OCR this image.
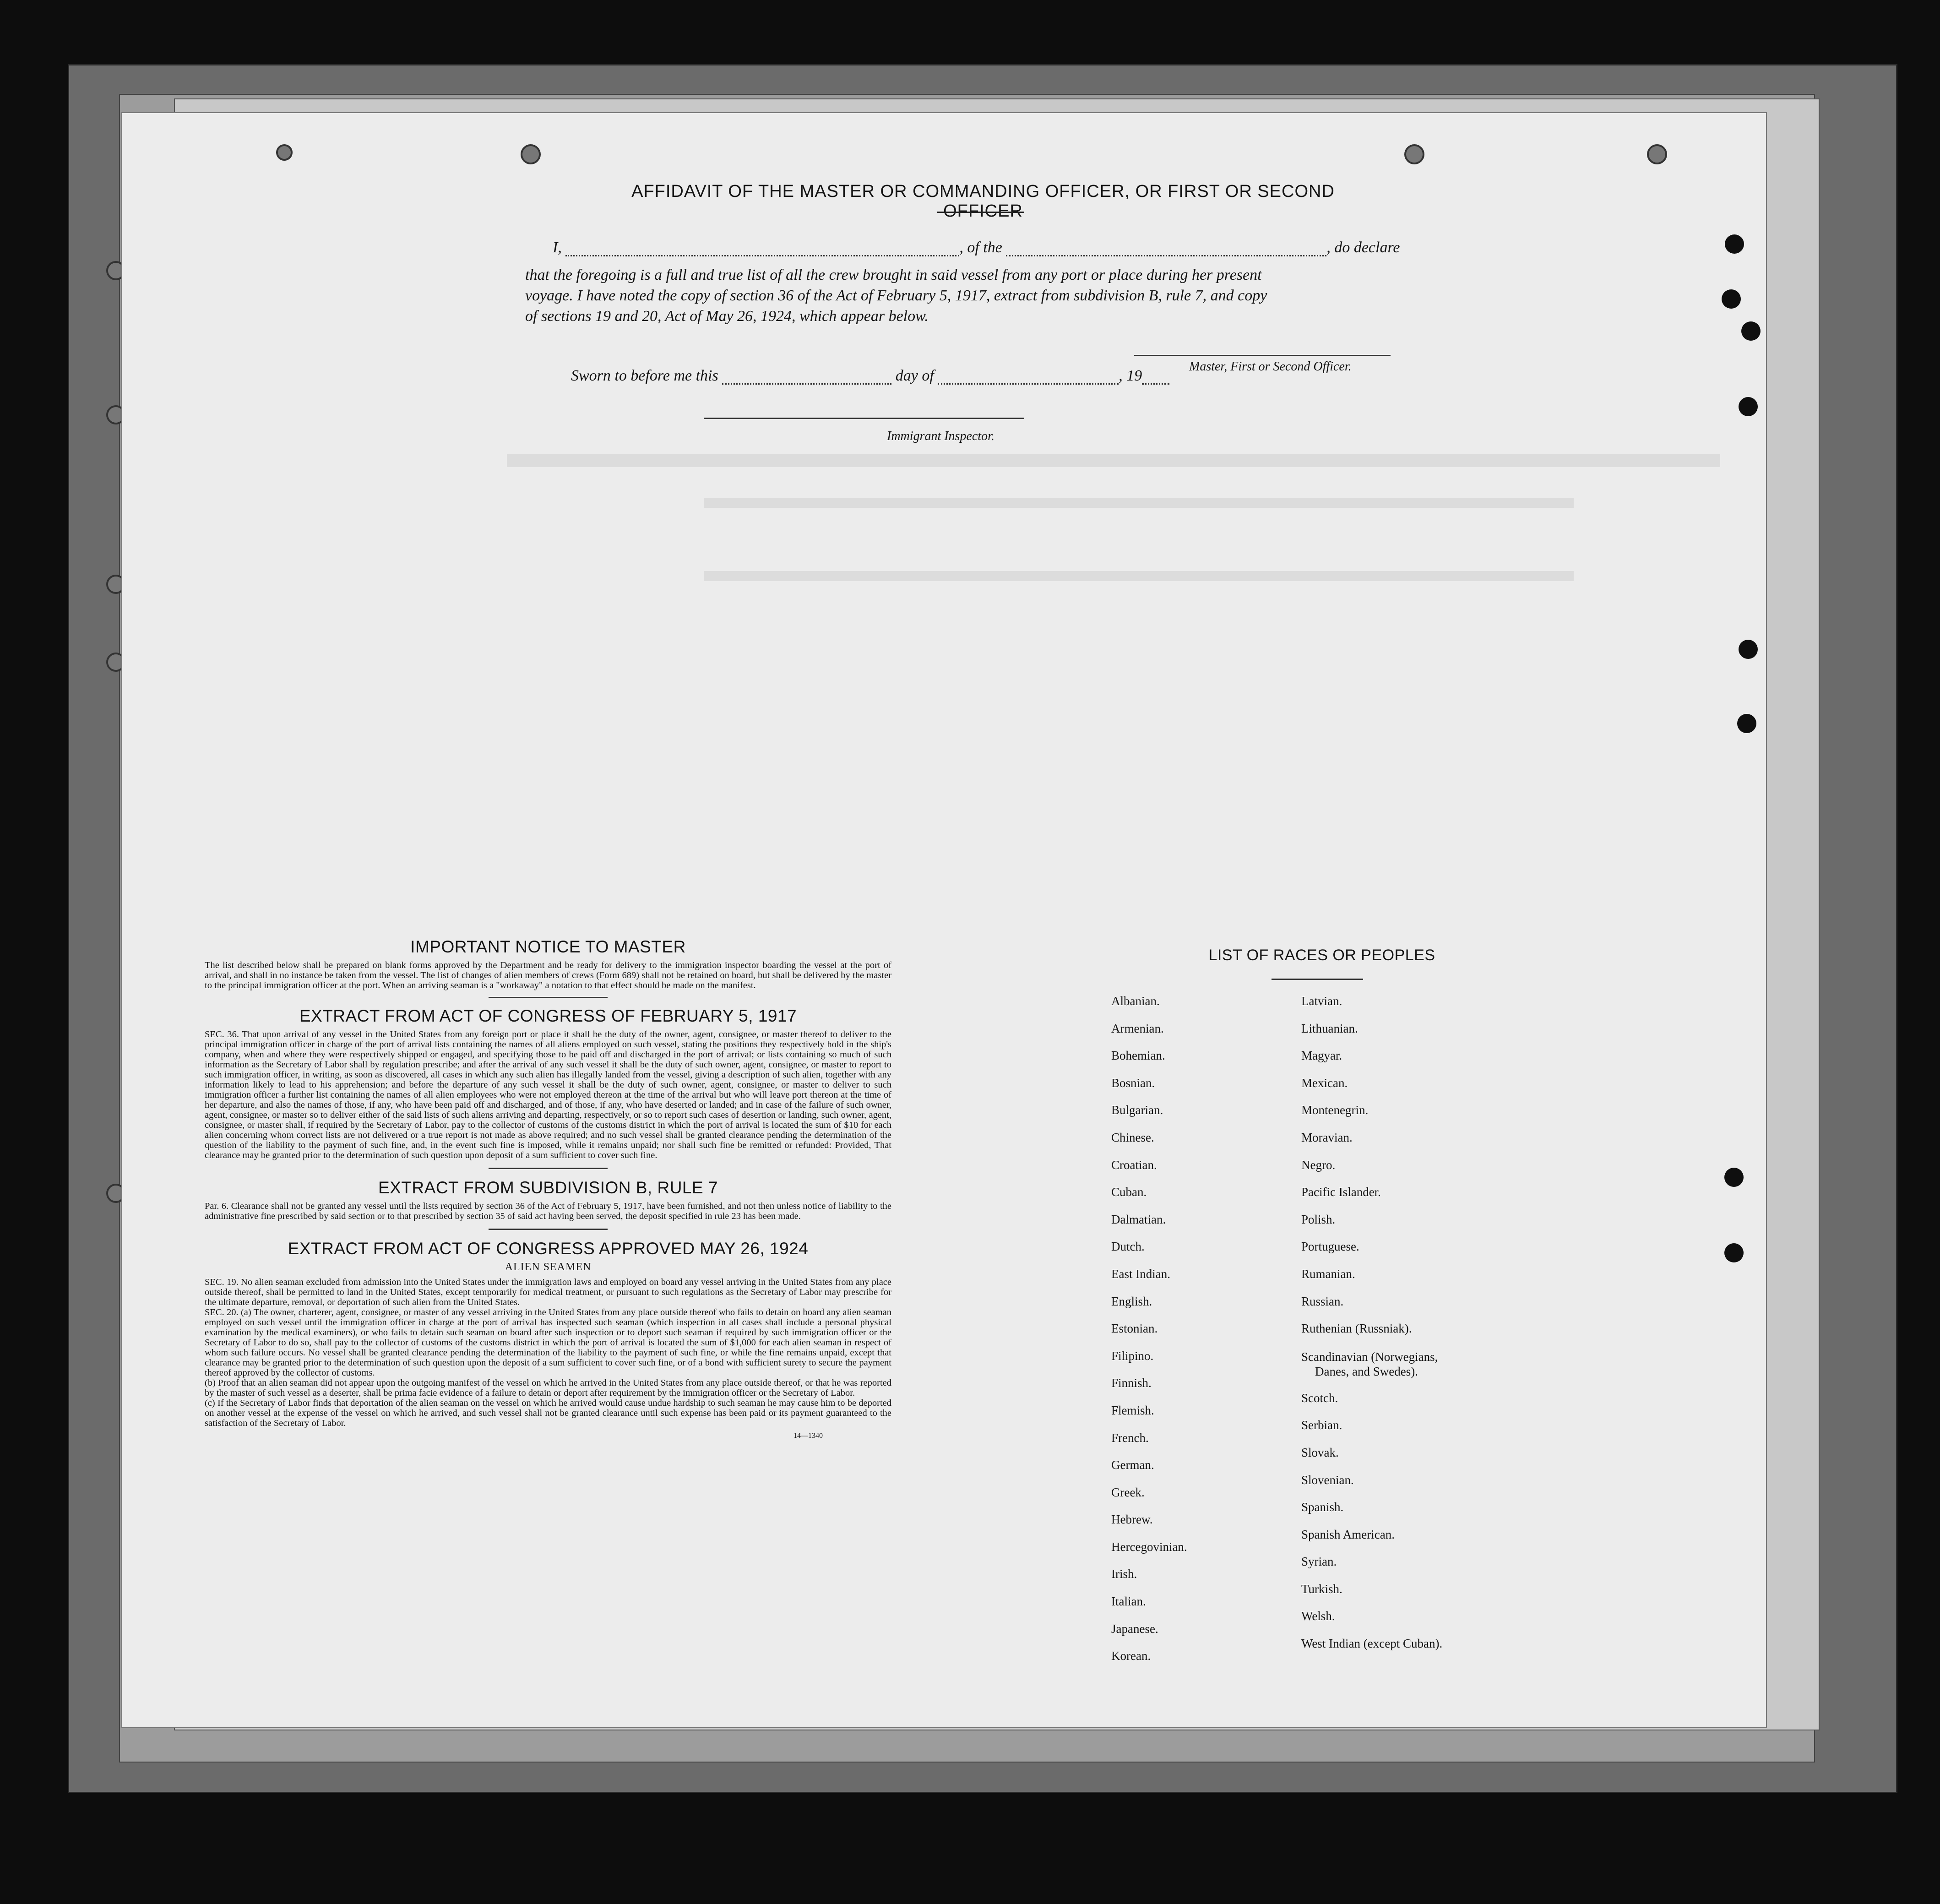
AFFIDAVIT OF THE MASTER OR COMMANDING OFFICER, OR FIRST OR SECOND OFFICER
I,	, of the	, do declare
that the foregoing is a full and true list of all the crew brought in said vessel from any port or place during her present
voyage. I have noted the copy of section 36 of the Act of February 5, 1917, extract from subdivision B, rule 7, and copy
of sections 19 and 20, Act of May 26, 1924, which appear below.
Master, First or Second Officer.
Sworn to before me this	day of	, 19
Immigrant Inspector.

IMPORTANT NOTICE TO MASTER

The list described below shall be prepared on blank forms approved by the Department and be ready for delivery to the immigration inspector boarding the vessel at the port of arrival, and shall in no instance be taken from the vessel. The list of changes of alien members of crews (Form 689) shall not be retained on board, but shall be delivered by the master to the principal immigration officer at the port. When an arriving seaman is a "workaway" a notation to that effect should be made on the manifest.

EXTRACT FROM ACT OF CONGRESS OF FEBRUARY 5, 1917

SEC. 36. That upon arrival of any vessel in the United States from any foreign port or place it shall be the duty of the owner, agent, consignee, or master thereof to deliver to the principal immigration officer in charge of the port of arrival lists containing the names of all aliens employed on such vessel, stating the positions they respectively hold in the ship's company, when and where they were respectively shipped or engaged, and specifying those to be paid off and discharged in the port of arrival; or lists containing so much of such information as the Secretary of Labor shall by regulation prescribe; and after the arrival of any such vessel it shall be the duty of such owner, agent, consignee, or master to report to such immigration officer, in writing, as soon as discovered, all cases in which any such alien has illegally landed from the vessel, giving a description of such alien, together with any information likely to lead to his apprehension; and before the departure of any such vessel it shall be the duty of such owner, agent, consignee, or master to deliver to such immigration officer a further list containing the names of all alien employees who were not employed thereon at the time of the arrival but who will leave port thereon at the time of her departure, and also the names of those, if any, who have been paid off and discharged, and of those, if any, who have deserted or landed; and in case of the failure of such owner, agent, consignee, or master so to deliver either of the said lists of such aliens arriving and departing, respectively, or so to report such cases of desertion or landing, such owner, agent, consignee, or master shall, if required by the Secretary of Labor, pay to the collector of customs of the customs district in which the port of arrival is located the sum of $10 for each alien concerning whom correct lists are not delivered or a true report is not made as above required; and no such vessel shall be granted clearance pending the determination of the question of the liability to the payment of such fine, and, in the event such fine is imposed, while it remains unpaid; nor shall such fine be remitted or refunded: Provided, That clearance may be granted prior to the determination of such question upon deposit of a sum sufficient to cover such fine.

EXTRACT FROM SUBDIVISION B, RULE 7

Par. 6. Clearance shall not be granted any vessel until the lists required by section 36 of the Act of February 5, 1917, have been furnished, and not then unless notice of liability to the administrative fine prescribed by said section or to that prescribed by section 35 of said act having been served, the deposit specified in rule 23 has been made.

EXTRACT FROM ACT OF CONGRESS APPROVED MAY 26, 1924

ALIEN SEAMEN

SEC. 19. No alien seaman excluded from admission into the United States under the immigration laws and employed on board any vessel arriving in the United States from any place outside thereof, shall be permitted to land in the United States, except temporarily for medical treatment, or pursuant to such regulations as the Secretary of Labor may prescribe for the ultimate departure, removal, or deportation of such alien from the United States.

SEC. 20. (a) The owner, charterer, agent, consignee, or master of any vessel arriving in the United States from any place outside thereof who fails to detain on board any alien seaman employed on such vessel until the immigration officer in charge at the port of arrival has inspected such seaman (which inspection in all cases shall include a personal physical examination by the medical examiners), or who fails to detain such seaman on board after such inspection or to deport such seaman if required by such immigration officer or the Secretary of Labor to do so, shall pay to the collector of customs of the customs district in which the port of arrival is located the sum of $1,000 for each alien seaman in respect of whom such failure occurs. No vessel shall be granted clearance pending the determination of the liability to the payment of such fine, or while the fine remains unpaid, except that clearance may be granted prior to the determination of such question upon the deposit of a sum sufficient to cover such fine, or of a bond with sufficient surety to secure the payment thereof approved by the collector of customs.

(b) Proof that an alien seaman did not appear upon the outgoing manifest of the vessel on which he arrived in the United States from any place outside thereof, or that he was reported by the master of such vessel as a deserter, shall be prima facie evidence of a failure to detain or deport after requirement by the immigration officer or the Secretary of Labor.

(c) If the Secretary of Labor finds that deportation of the alien seaman on the vessel on which he arrived would cause undue hardship to such seaman he may cause him to be deported on another vessel at the expense of the vessel on which he arrived, and such vessel shall not be granted clearance until such expense has been paid or its payment guaranteed to the satisfaction of the Secretary of Labor.

14—1340

LIST OF RACES OR PEOPLES
Albanian.
Armenian.
Bohemian.
Bosnian.
Bulgarian.
Chinese.
Croatian.
Cuban.
Dalmatian.
Dutch.
East Indian.
English.
Estonian.
Filipino.
Finnish.
Flemish.
French.
German.
Greek.
Hebrew.
Hercegovinian.
Irish.
Italian.
Japanese.
Korean.
Latvian.
Lithuanian.
Magyar.
Mexican.
Montenegrin.
Moravian.
Negro.
Pacific Islander.
Polish.
Portuguese.
Rumanian.
Russian.
Ruthenian (Russniak).
Scandinavian (Norwegians,
Danes, and Swedes).
Scotch.
Serbian.
Slovak.
Slovenian.
Spanish.
Spanish American.
Syrian.
Turkish.
Welsh.
West Indian (except Cuban).
